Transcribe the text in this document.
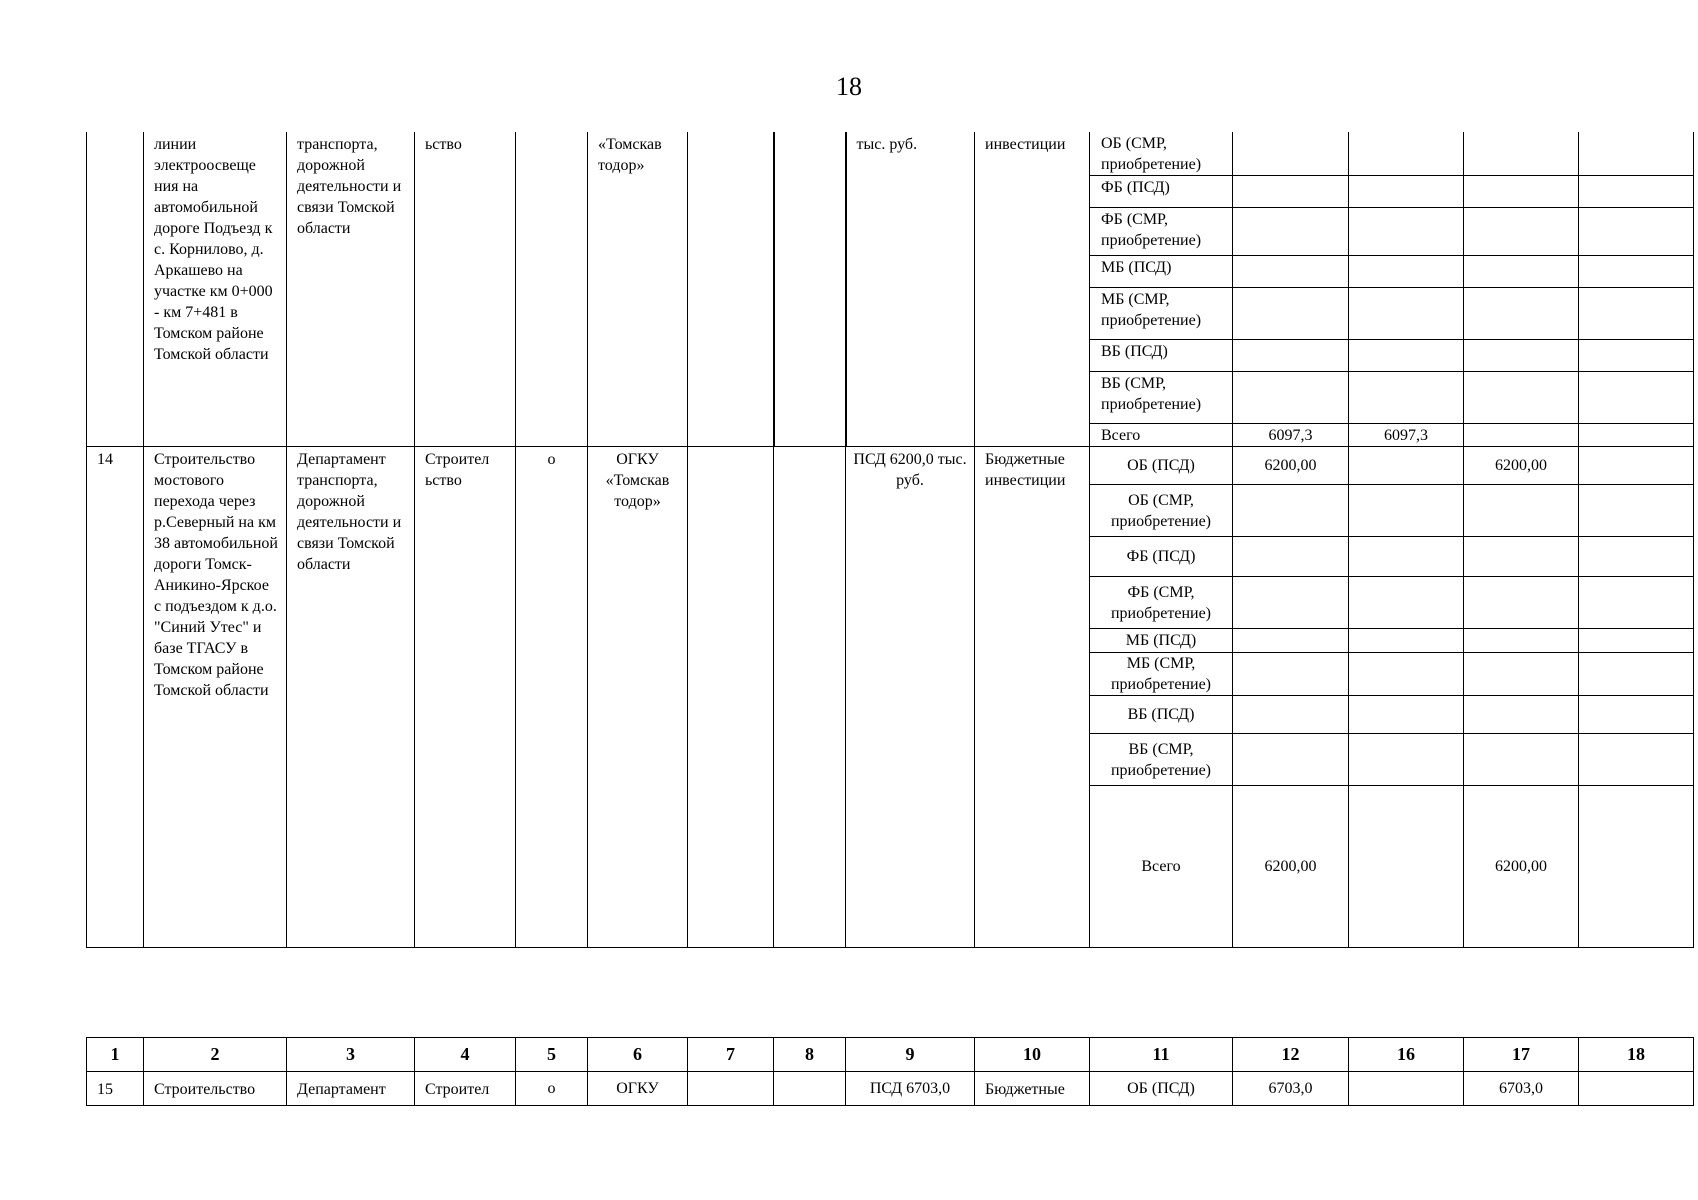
18
	линии электроосвеще ния на автомобильной дороге Подъезд к с. Корнилово, д. Аркашево на участке км 0+000 - км 7+481 в Томском районе Томской области	транспорта, дорожной деятельности и связи Томской области	ьство		«Томскав тодор»			тыс. руб.	инвестиции	ОБ (СМР, приобретение)				
										ФБ (ПСД)				
										ФБ (СМР, приобретение)				
										МБ (ПСД)				
										МБ (СМР, приобретение)				
										ВБ (ПСД)				
										ВБ (СМР, приобретение)				
										Всего	6097,3	6097,3		
14	Строительство мостового перехода через р.Северный на км 38 автомобильной дороги Томск-Аникино-Ярское с подъездом к д.о. "Синий Утес" и базе ТГАСУ в Томском районе Томской области	Департамент транспорта, дорожной деятельности и связи Томской области	Строител ьство	о	ОГКУ «Томскав тодор»			ПСД 6200,0 тыс. руб.	Бюджетные инвестиции	ОБ (ПСД)	6200,00		6200,00	
										ОБ (СМР, приобретение)				
										ФБ (ПСД)				
										ФБ (СМР, приобретение)				
										МБ (ПСД)				
										МБ (СМР, приобретение)				
										ВБ (ПСД)				
										ВБ (СМР, приобретение)				
										Всего	6200,00		6200,00	
1	2	3	4	5	6	7	8	9	10	11	12	16	17	18
15	Строительство	Департамент	Строител	о	ОГКУ			ПСД 6703,0	Бюджетные	ОБ (ПСД)	6703,0		6703,0	
